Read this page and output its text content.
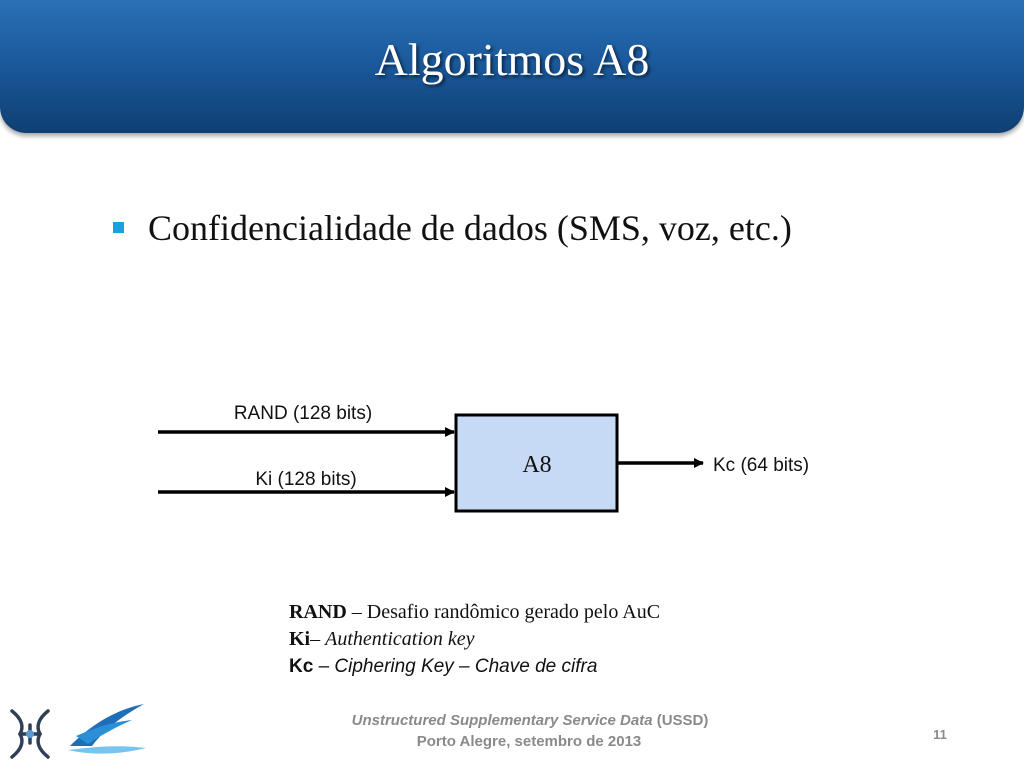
Algoritmos A8
Confidencialidade de dados (SMS, voz, etc.)
RAND (128 bits)
Ki (128 bits)
A8	Kc (64 bits)
RAND – Desafio randômico gerado pelo AuC
Ki– Authentication key
Kc – Ciphering Key – Chave de cifra
Unstructured Supplementary Service Data (USSD)
Porto Alegre, setembro de 2013	11
